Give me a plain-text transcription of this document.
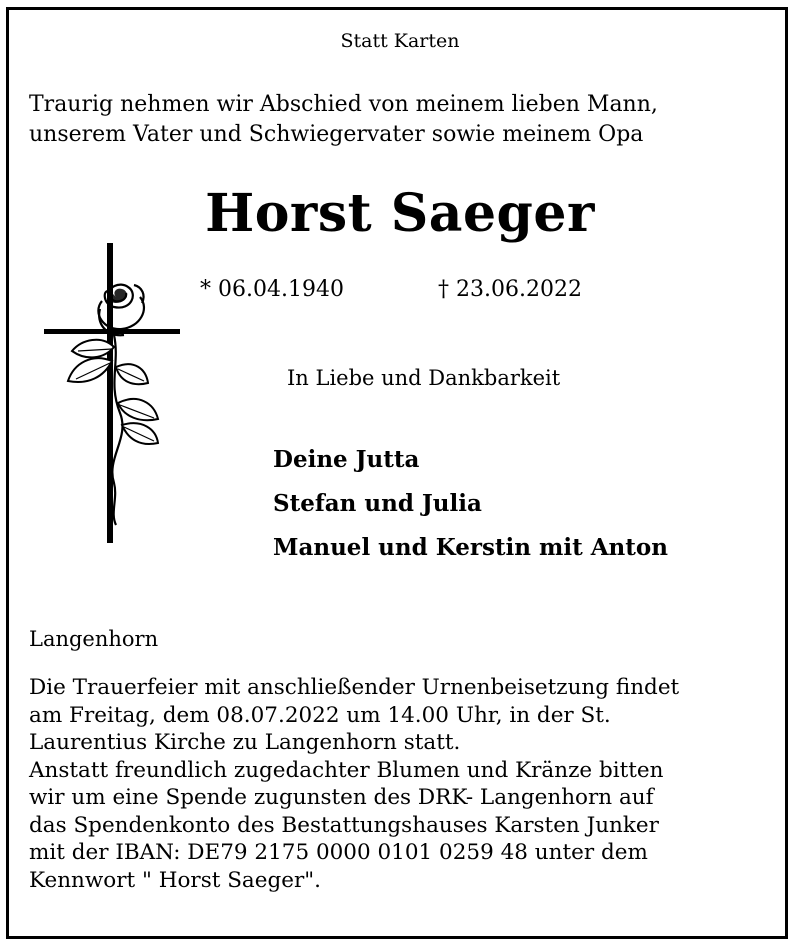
Statt Karten
Traurig nehmen wir Abschied von meinem lieben Mann,
unserem Vater und Schwiegervater sowie meinem Opa
Horst Saeger
* 06.04.1940	† 23.06.2022
In Liebe und Dankbarkeit
Deine Jutta
Stefan und Julia
Manuel und Kerstin mit Anton
Langenhorn
Die Trauerfeier mit anschließender Urnenbeisetzung findet
am Freitag, dem 08.07.2022 um 14.00 Uhr, in der St.
Laurentius Kirche zu Langenhorn statt.
Anstatt freundlich zugedachter Blumen und Kränze bitten
wir um eine Spende zugunsten des DRK- Langenhorn auf
das Spendenkonto des Bestattungshauses Karsten Junker
mit der IBAN: DE79 2175 0000 0101 0259 48 unter dem
Kennwort " Horst Saeger".
